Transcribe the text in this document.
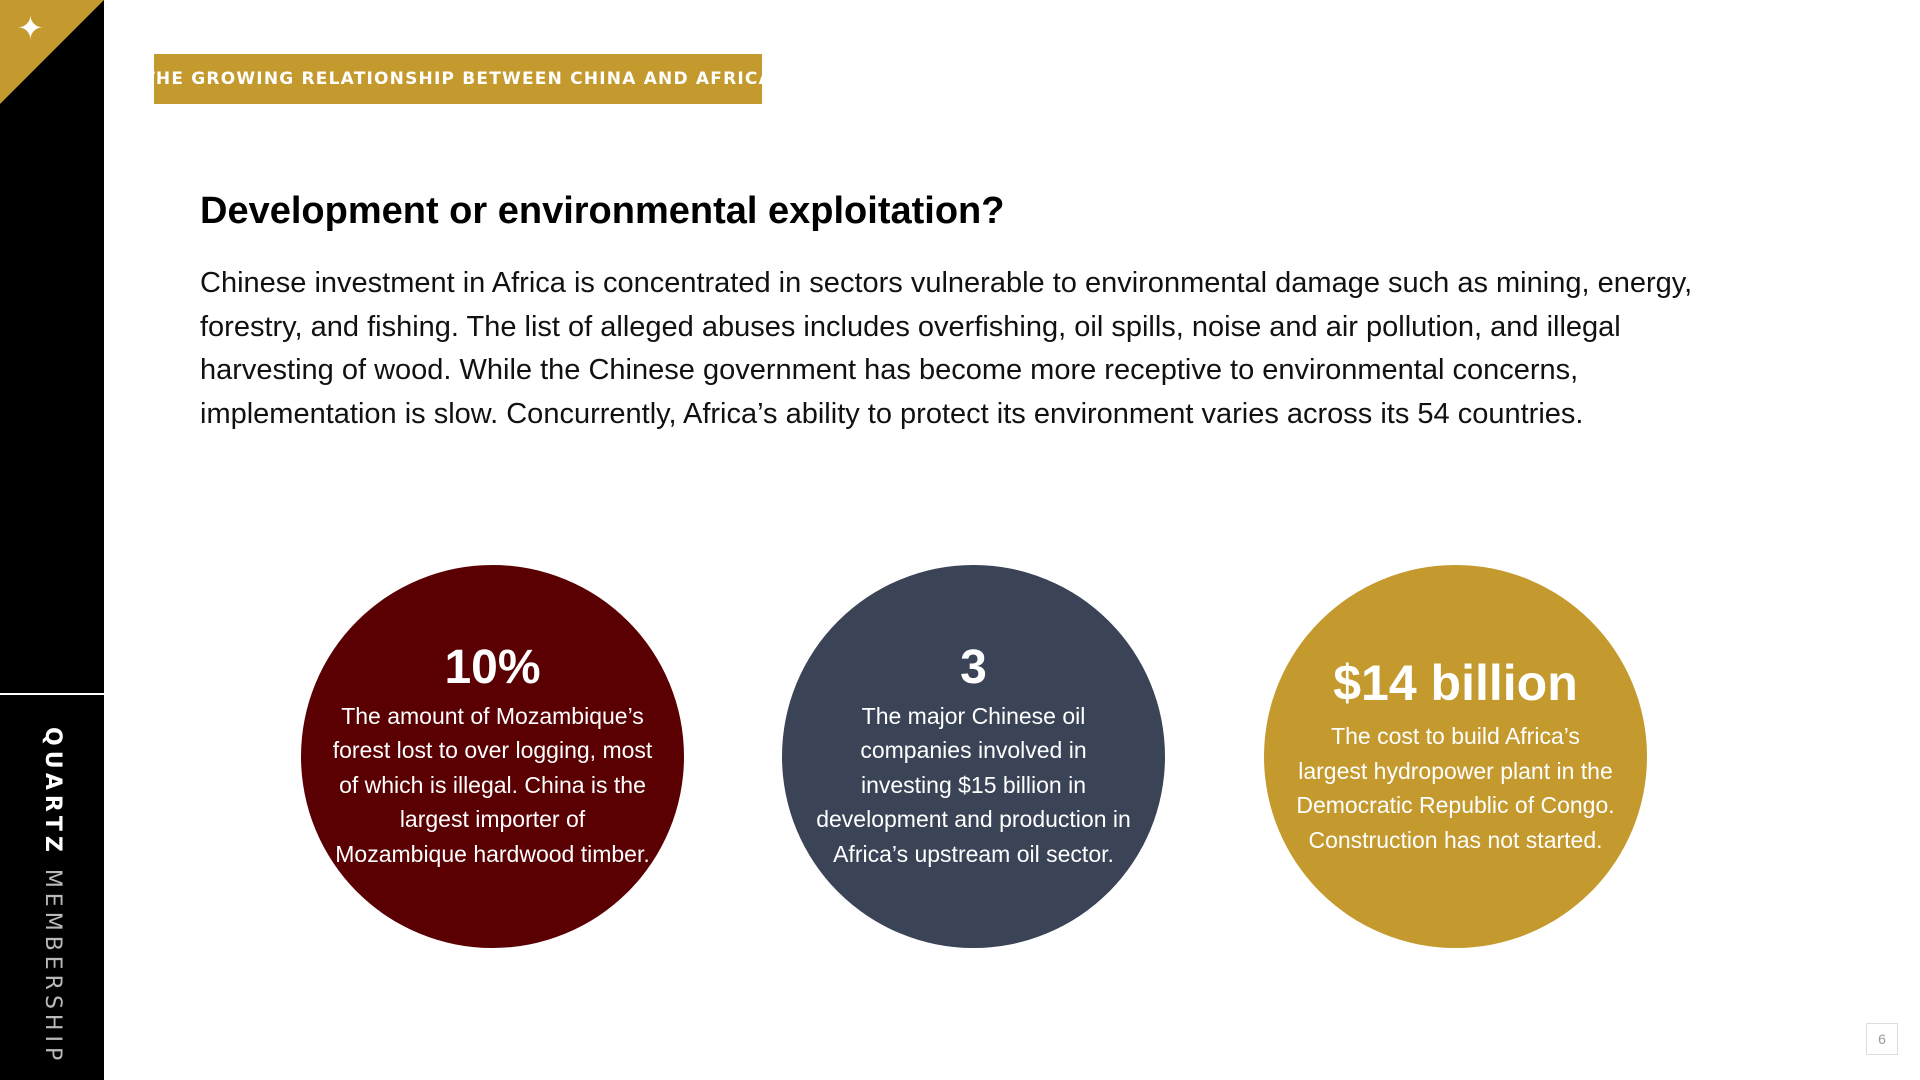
✦
QUARTZ MEMBERSHIP
THE GROWING RELATIONSHIP BETWEEN CHINA AND AFRICA
Development or environmental exploitation?

Chinese investment in Africa is concentrated in sectors vulnerable to environmental damage such as mining, energy, forestry, and fishing. The list of alleged abuses includes overfishing, oil spills, noise and air pollution, and illegal harvesting of wood. While the Chinese government has become more receptive to environmental concerns, implementation is slow. Concurrently, Africa’s ability to protect its environment varies across its 54 countries.

10%
The amount of Mozambique’s forest lost to over logging, most of which is illegal. China is the largest importer of Mozambique hardwood timber.
3
The major Chinese oil companies involved in investing $15 billion in development and production in Africa’s upstream oil sector.
$14 billion
The cost to build Africa’s largest hydropower plant in the Democratic Republic of Congo. Construction has not started.
6
